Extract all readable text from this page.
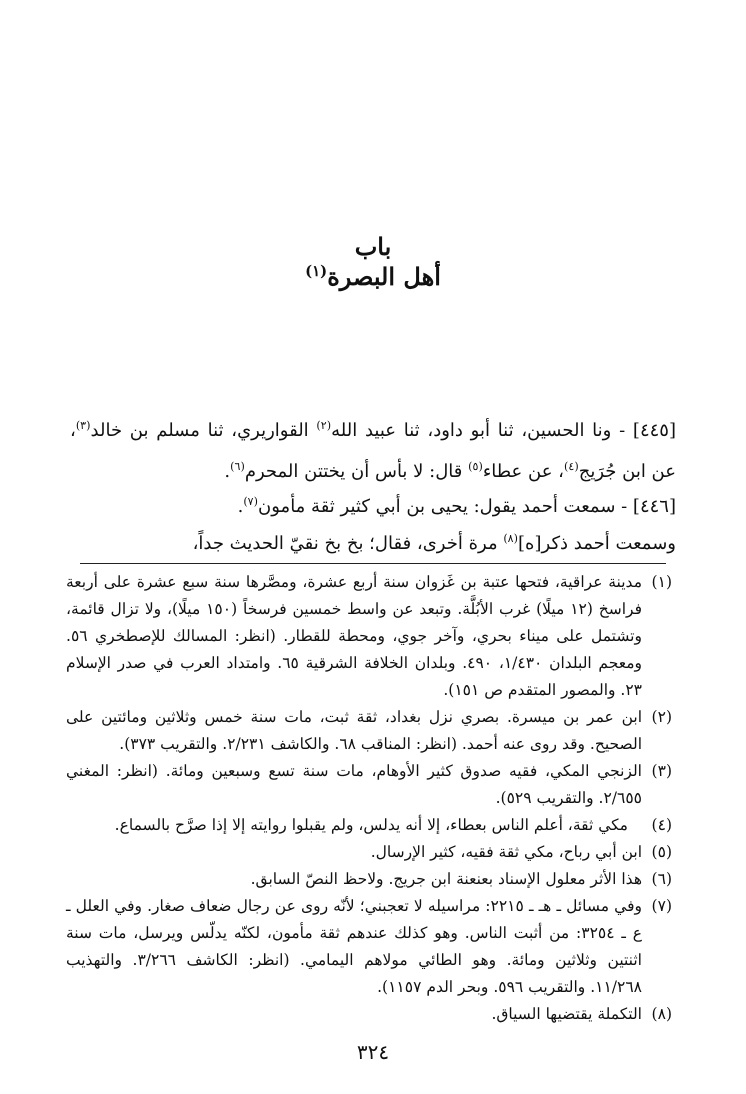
باب
أهل البصرة$^{(١)}$
[٤٤٥] - ونا الحسين، ثنا أبو داود، ثنا عبيد الله$^{(٢)}$ القواريري، ثنا مسلم بن خالد$^{(٣)}$، عن ابن جُرَيج$^{(٤)}$، عن عطاء$^{(٥)}$ قال: لا بأس أن يختتن المحرم$^{(٦)}$.
[٤٤٦] - سمعت أحمد يقول: يحيى بن أبي كثير ثقة مأمون$^{(٧)}$.
وسمعت أحمد ذكر[ه]$^{(٨)}$ مرة أخرى، فقال؛ بخ بخ نقيّ الحديث جداً،
(١)
مدينة عراقية، فتحها عتبة بن غَزوان سنة أربع عشرة، ومصَّرها سنة سبع عشرة على أربعة فراسخ (١٢ ميلًا) غرب الأبُلَّة. وتبعد عن واسط خمسين فرسخاً (١٥٠ ميلًا)، ولا تزال قائمة، وتشتمل على ميناء بحري، وآخر جوي، ومحطة للقطار. (انظر: المسالك للإصطخري ٥٦. ومعجم البلدان ١/٤٣٠، ٤٩٠. وبلدان الخلافة الشرقية ٦٥. وامتداد العرب في صدر الإسلام ٢٣. والمصور المتقدم ص ١٥١).
(٢)
ابن عمر بن ميسرة. بصري نزل بغداد، ثقة ثبت، مات سنة خمس وثلاثين ومائتين على الصحيح. وقد روى عنه أحمد. (انظر: المناقب ٦٨. والكاشف ٢/٢٣١. والتقريب ٣٧٣).
(٣)
الزنجي المكي، فقيه صدوق كثير الأوهام، مات سنة تسع وسبعين ومائة. (انظر: المغني ٢/٦٥٥. والتقريب ٥٢٩).
(٤)
مكي ثقة، أعلم الناس بعطاء، إلا أنه يدلس، ولم يقبلوا روايته إلا إذا صرَّح بالسماع.
(٥)
ابن أبي رباح، مكي ثقة فقيه، كثير الإرسال.
(٦)
هذا الأثر معلول الإسناد بعنعنة ابن جريج. ولاحظ النصّ السابق.
(٧)
وفي مسائل ـ هـ ـ ٢٢١٥: مراسيله لا تعجبني؛ لأنّه روى عن رجال ضعاف صغار. وفي العلل ـ ع ـ ٣٢٥٤: من أثبت الناس. وهو كذلك عندهم ثقة مأمون، لكنّه يدلّس ويرسل، مات سنة اثنتين وثلاثين ومائة. وهو الطائي مولاهم اليمامي. (انظر: الكاشف ٣/٢٦٦. والتهذيب ١١/٢٦٨. والتقريب ٥٩٦. وبحر الدم ١١٥٧).
(٨)
التكملة يقتضيها السياق.
٣٢٤
